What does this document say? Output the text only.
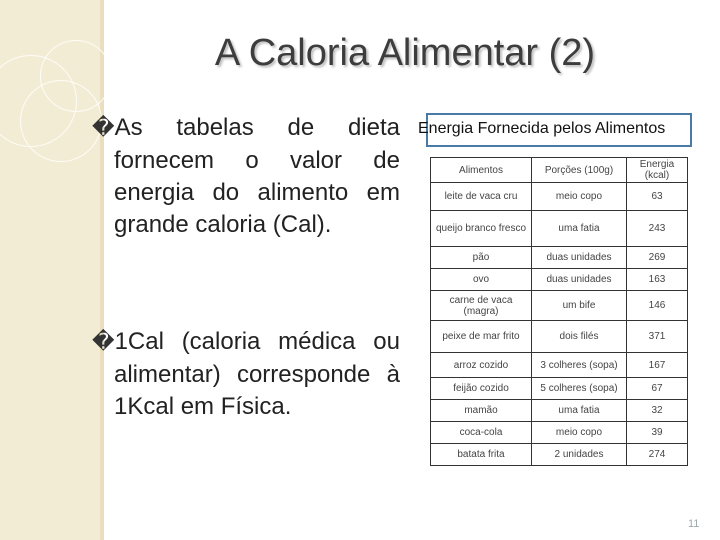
A Caloria Alimentar (2)
�As tabelas de dieta fornecem o valor de energia do alimento em grande caloria (Cal).
�1Cal (caloria médica ou alimentar) corresponde à 1Kcal em Física.
Energia Fornecida pelos Alimentos
Alimentos	Porções (100g)	Energia (kcal)
leite de vaca cru	meio copo	63
queijo branco fresco	uma fatia	243
pão	duas unidades	269
ovo	duas unidades	163
carne de vaca (magra)	um bife	146
peixe de mar frito	dois filés	371
arroz cozido	3 colheres (sopa)	167
feijão cozido	5 colheres (sopa)	67
mamão	uma fatia	32
coca-cola	meio copo	39
batata frita	2 unidades	274
11
